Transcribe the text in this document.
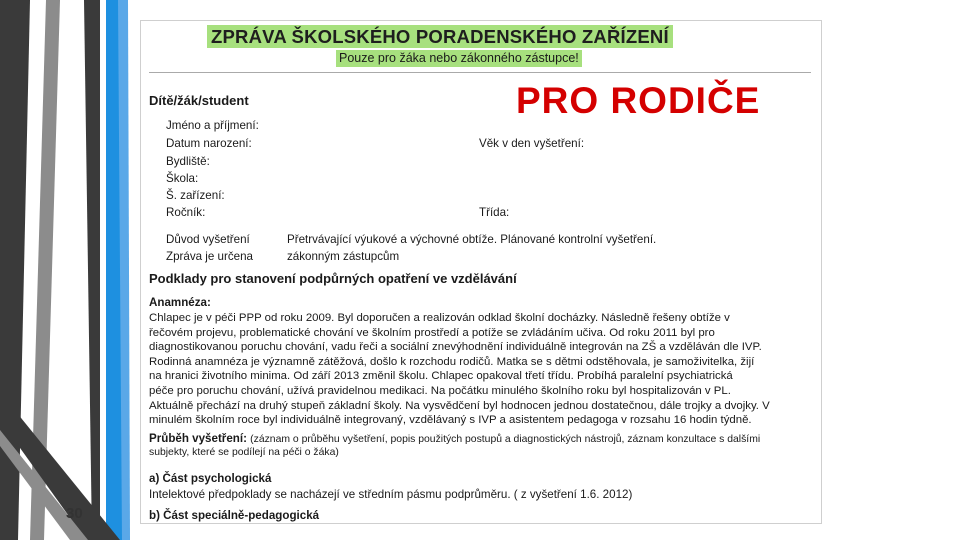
30
ZPRÁVA ŠKOLSKÉHO PORADENSKÉHO ZAŘÍZENÍ
Pouze pro žáka nebo zákonného zástupce!
PRO RODIČE
Dítě/žák/student
Jméno a příjmení:
Datum narození:	Věk v den vyšetření:
Bydliště:
Škola:
Š. zařízení:
Ročník:	Třída:
Důvod vyšetření	Přetrvávající výukové a výchovné obtíže. Plánované kontrolní vyšetření.
Zpráva je určena	zákonným zástupcům
Podklady pro stanovení podpůrných opatření ve vzdělávání
Anamnéza:
Chlapec je v péči PPP od roku 2009. Byl doporučen a realizován odklad školní docházky. Následně řešeny obtíže v
řečovém projevu, problematické chování ve školním prostředí a potíže se zvládáním učiva. Od roku 2011 byl pro
diagnostikovanou poruchu chování, vadu řeči a sociální znevýhodnění individuálně integrován na ZŠ a vzděláván dle IVP.
Rodinná anamnéza je významně zátěžová, došlo k rozchodu rodičů. Matka se s dětmi odstěhovala, je samoživitelka, žijí
na hranici životního minima. Od září 2013 změnil školu. Chlapec opakoval třetí třídu. Probíhá paralelní psychiatrická
péče pro poruchu chování, užívá pravidelnou medikaci. Na počátku minulého školního roku byl hospitalizován v PL.
Aktuálně přechází na druhý stupeň základní školy. Na vysvědčení byl hodnocen jednou dostatečnou, dále trojky a dvojky. V
minulém školním roce byl individuálně integrovaný, vzdělávaný s IVP a asistentem pedagoga v rozsahu 16 hodin týdně.
Průběh vyšetření: (záznam o průběhu vyšetření, popis použitých postupů a diagnostických nástrojů, záznam konzultace s dalšími
subjekty, které se podílejí na péči o žáka)
a) Část psychologická
Intelektové předpoklady se nacházejí ve středním pásmu podprůměru. ( z vyšetření 1.6. 2012)
b) Část speciálně-pedagogická
